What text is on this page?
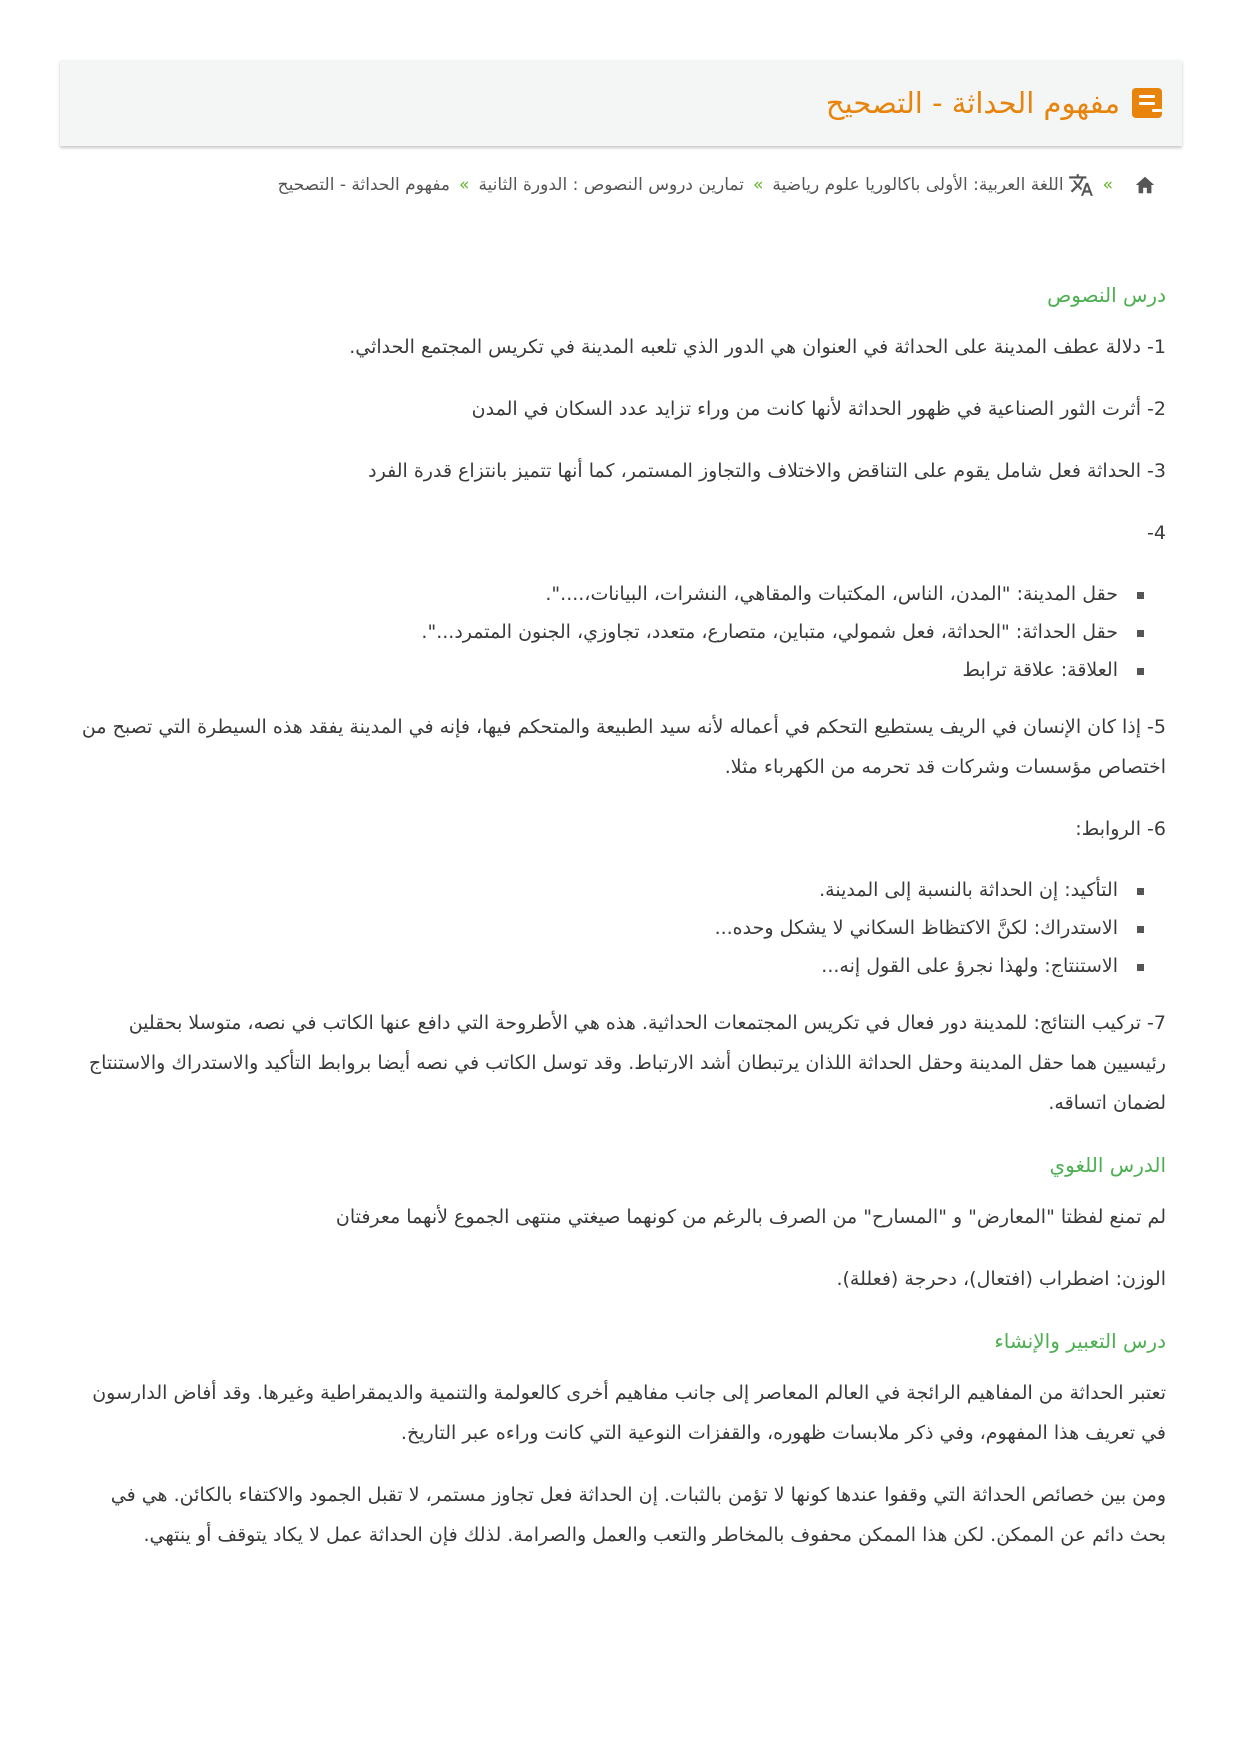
مفهوم الحداثة - التصحيح
»
اللغة العربية: الأولى باكالوريا علوم رياضية
»
تمارين دروس النصوص : الدورة الثانية
»
مفهوم الحداثة - التصحيح
درس النصوص

1- دلالة عطف المدينة على الحداثة في العنوان هي الدور الذي تلعبه المدينة في تكريس المجتمع الحداثي.

2- أثرت الثور الصناعية في ظهور الحداثة لأنها كانت من وراء تزايد عدد السكان في المدن

3- الحداثة فعل شامل يقوم على التناقض والاختلاف والتجاوز المستمر، كما أنها تتميز بانتزاع قدرة الفرد

4-

حقل المدينة: "المدن، الناس، المكتبات والمقاهي، النشرات، البيانات،....".
حقل الحداثة: "الحداثة، فعل شمولي، متباين، متصارع، متعدد، تجاوزي، الجنون المتمرد...".
العلاقة: علاقة ترابط

5- إذا كان الإنسان في الريف يستطيع التحكم في أعماله لأنه سيد الطبيعة والمتحكم فيها، فإنه في المدينة يفقد هذه السيطرة التي تصبح من اختصاص مؤسسات وشركات قد تحرمه من الكهرباء مثلا.

6- الروابط:

التأكيد: إن الحداثة بالنسبة إلى المدينة.
الاستدراك: لكنَّ الاكتظاظ السكاني لا يشكل وحده...
الاستنتاج: ولهذا نجرؤ على القول إنه...

7- تركيب النتائج: للمدينة دور فعال في تكريس المجتمعات الحداثية. هذه هي الأطروحة التي دافع عنها الكاتب في نصه، متوسلا بحقلين رئيسيين هما حقل المدينة وحقل الحداثة اللذان يرتبطان أشد الارتباط. وقد توسل الكاتب في نصه أيضا بروابط التأكيد والاستدراك والاستنتاج لضمان اتساقه.

الدرس اللغوي

لم تمنع لفظتا "المعارض" و "المسارح" من الصرف بالرغم من كونهما صيغتي منتهى الجموع لأنهما معرفتان

الوزن: اضطراب (افتعال)، دحرجة (فعللة).

درس التعبير والإنشاء

تعتبر الحداثة من المفاهيم الرائجة في العالم المعاصر إلى جانب مفاهيم أخرى كالعولمة والتنمية والديمقراطية وغيرها. وقد أفاض الدارسون في تعريف هذا المفهوم، وفي ذكر ملابسات ظهوره، والقفزات النوعية التي كانت وراءه عبر التاريخ.

ومن بين خصائص الحداثة التي وقفوا عندها كونها لا تؤمن بالثبات. إن الحداثة فعل تجاوز مستمر، لا تقبل الجمود والاكتفاء بالكائن. هي في بحث دائم عن الممكن. لكن هذا الممكن محفوف بالمخاطر والتعب والعمل والصرامة. لذلك فإن الحداثة عمل لا يكاد يتوقف أو ينتهي.
